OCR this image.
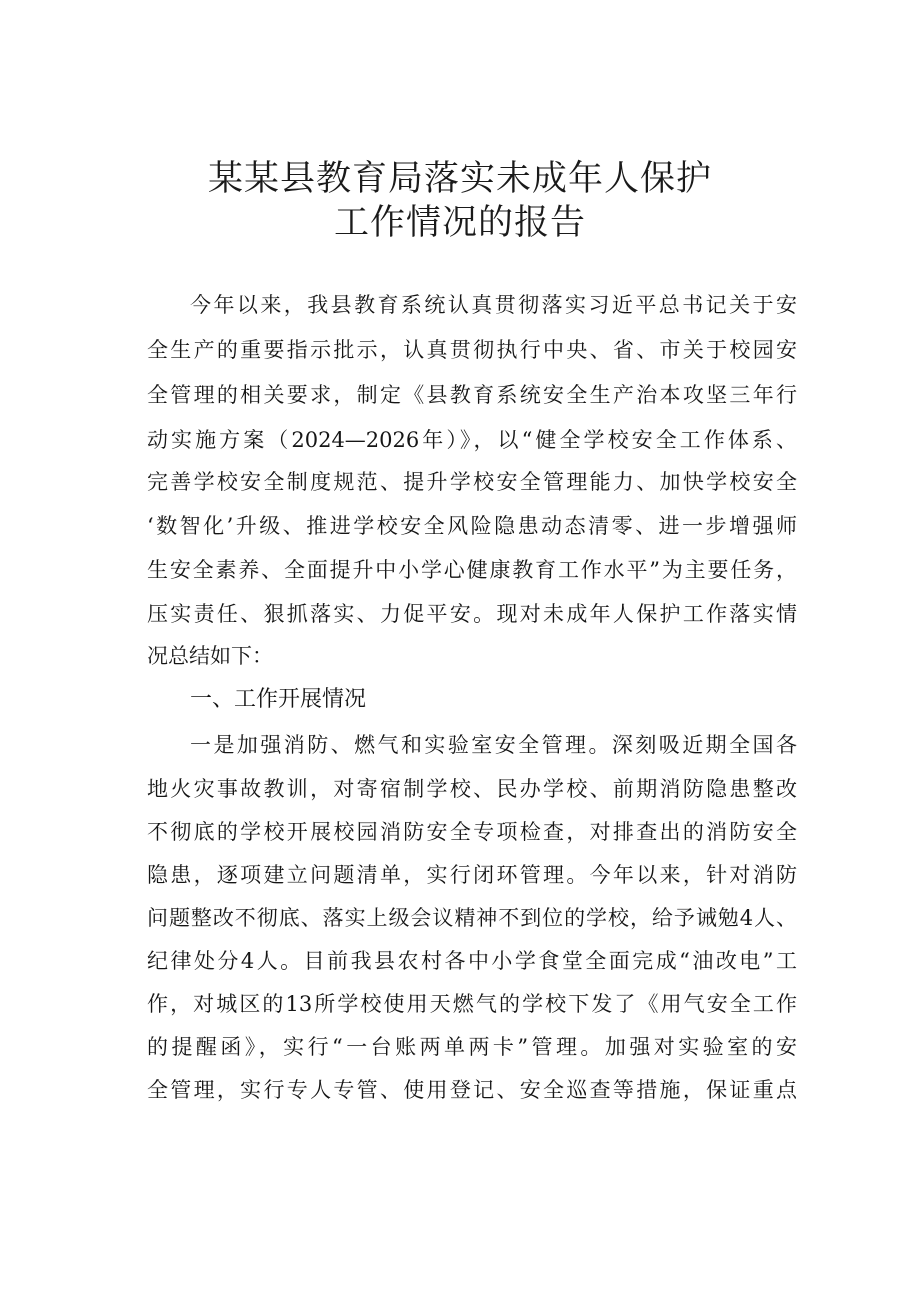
某某县教育局落实未成年人保护
工作情况的报告
今年以来，我县教育系统认真贯彻落实习近平总书记关于安
全生产的重要指示批示，认真贯彻执行中央、省、市关于校园安
全管理的相关要求，制定《县教育系统安全生产治本攻坚三年行
动实施方案（2024—2026年）》，以“健全学校安全工作体系、
完善学校安全制度规范、提升学校安全管理能力、加快学校安全
‘数智化’升级、推进学校安全风险隐患动态清零、进一步增强师
生安全素养、全面提升中小学心健康教育工作水平”为主要任务，
压实责任、狠抓落实、力促平安。现对未成年人保护工作落实情
况总结如下：
一、工作开展情况
一是加强消防、燃气和实验室安全管理。深刻吸近期全国各
地火灾事故教训，对寄宿制学校、民办学校、前期消防隐患整改
不彻底的学校开展校园消防安全专项检查，对排查出的消防安全
隐患，逐项建立问题清单，实行闭环管理。今年以来，针对消防
问题整改不彻底、落实上级会议精神不到位的学校，给予诫勉4人、
纪律处分4人。目前我县农村各中小学食堂全面完成“油改电”工
作，对城区的13所学校使用天燃气的学校下发了《用气安全工作
的提醒函》，实行“一台账两单两卡”管理。加强对实验室的安
全管理，实行专人专管、使用登记、安全巡查等措施，保证重点
